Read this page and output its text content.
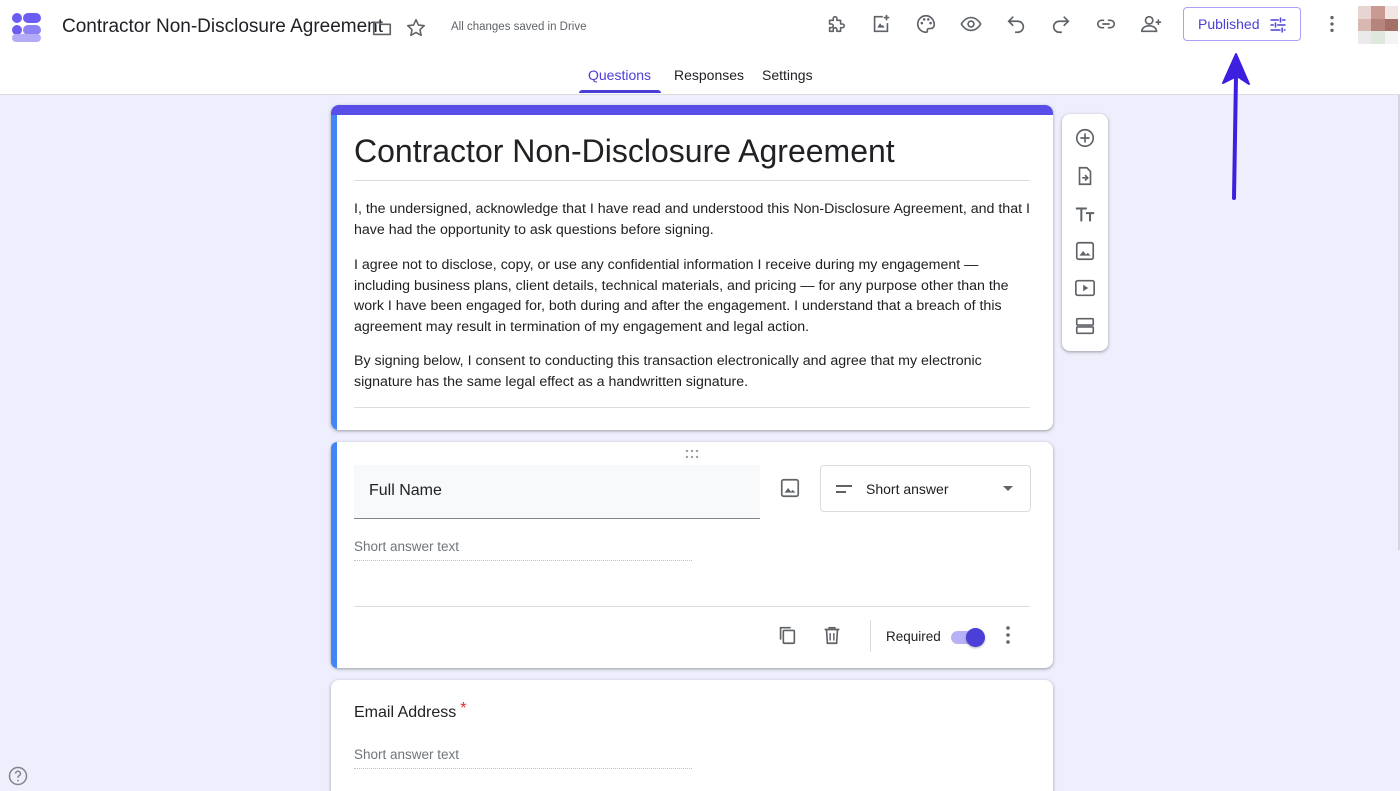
Contractor Non-Disclosure Agreement	All changes saved in Drive	Published
Questions Responses Settings
Contractor Non-Disclosure Agreement

I, the undersigned, acknowledge that I have read and understood this Non-Disclosure Agreement, and that I have had the opportunity to ask questions before signing.

I agree not to disclose, copy, or use any confidential information I receive during my engagement — including business plans, client details, technical materials, and pricing — for any purpose other than the work I have been engaged for, both during and after the engagement. I understand that a breach of this agreement may result in termination of my engagement and legal action.

By signing below, I consent to conducting this transaction electronically and agree that my electronic signature has the same legal effect as a handwritten signature.

Full Name	Short answer
Short answer text
Required
Email Address *
Short answer text
